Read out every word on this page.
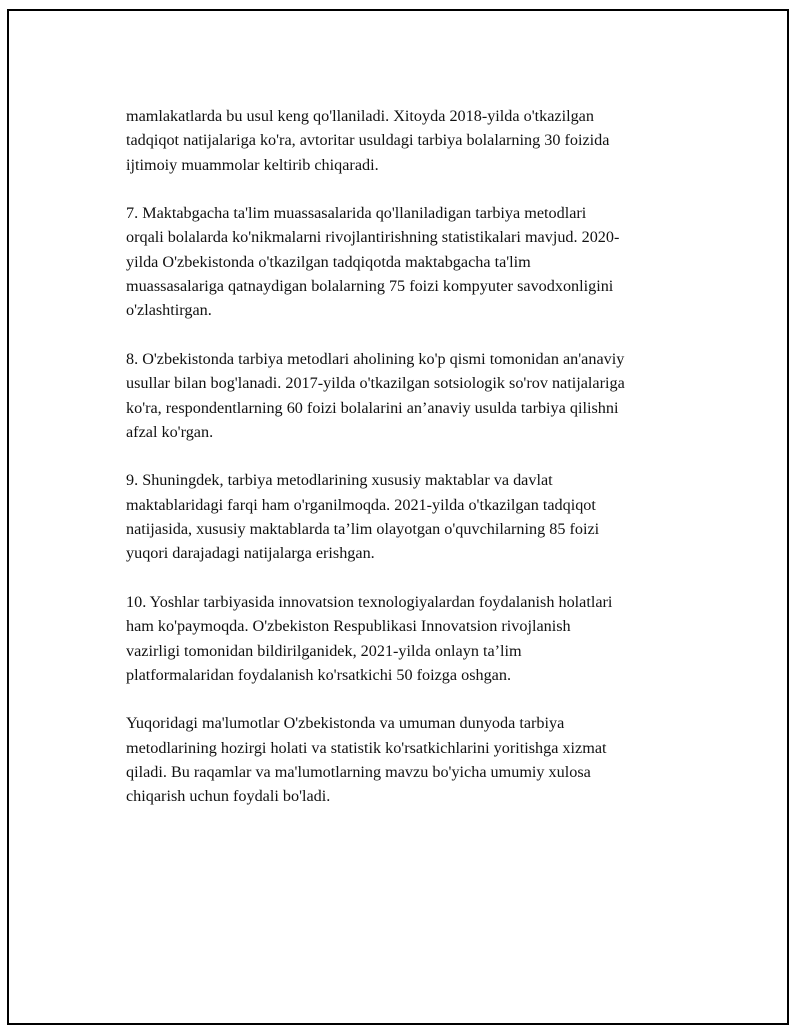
mamlakatlarda bu usul keng qo'llaniladi. Xitoyda 2018-yilda o'tkazilgan
tadqiqot natijalariga ko'ra, avtoritar usuldagi tarbiya bolalarning 30 foizida
ijtimoiy muammolar keltirib chiqaradi.

7. Maktabgacha ta'lim muassasalarida qo'llaniladigan tarbiya metodlari
orqali bolalarda ko'nikmalarni rivojlantirishning statistikalari mavjud. 2020-
yilda O'zbekistonda o'tkazilgan tadqiqotda maktabgacha ta'lim
muassasalariga qatnaydigan bolalarning 75 foizi kompyuter savodxonligini
o'zlashtirgan.

8. O'zbekistonda tarbiya metodlari aholining ko'p qismi tomonidan an'anaviy
usullar bilan bog'lanadi. 2017-yilda o'tkazilgan sotsiologik so'rov natijalariga
ko'ra, respondentlarning 60 foizi bolalarini an’anaviy usulda tarbiya qilishni
afzal ko'rgan.

9. Shuningdek, tarbiya metodlarining xususiy maktablar va davlat
maktablaridagi farqi ham o'rganilmoqda. 2021-yilda o'tkazilgan tadqiqot
natijasida, xususiy maktablarda ta’lim olayotgan o'quvchilarning 85 foizi
yuqori darajadagi natijalarga erishgan.

10. Yoshlar tarbiyasida innovatsion texnologiyalardan foydalanish holatlari
ham ko'paymoqda. O'zbekiston Respublikasi Innovatsion rivojlanish
vazirligi tomonidan bildirilganidek, 2021-yilda onlayn ta’lim
platformalaridan foydalanish ko'rsatkichi 50 foizga oshgan.

Yuqoridagi ma'lumotlar O'zbekistonda va umuman dunyoda tarbiya
metodlarining hozirgi holati va statistik ko'rsatkichlarini yoritishga xizmat
qiladi. Bu raqamlar va ma'lumotlarning mavzu bo'yicha umumiy xulosa
chiqarish uchun foydali bo'ladi.
